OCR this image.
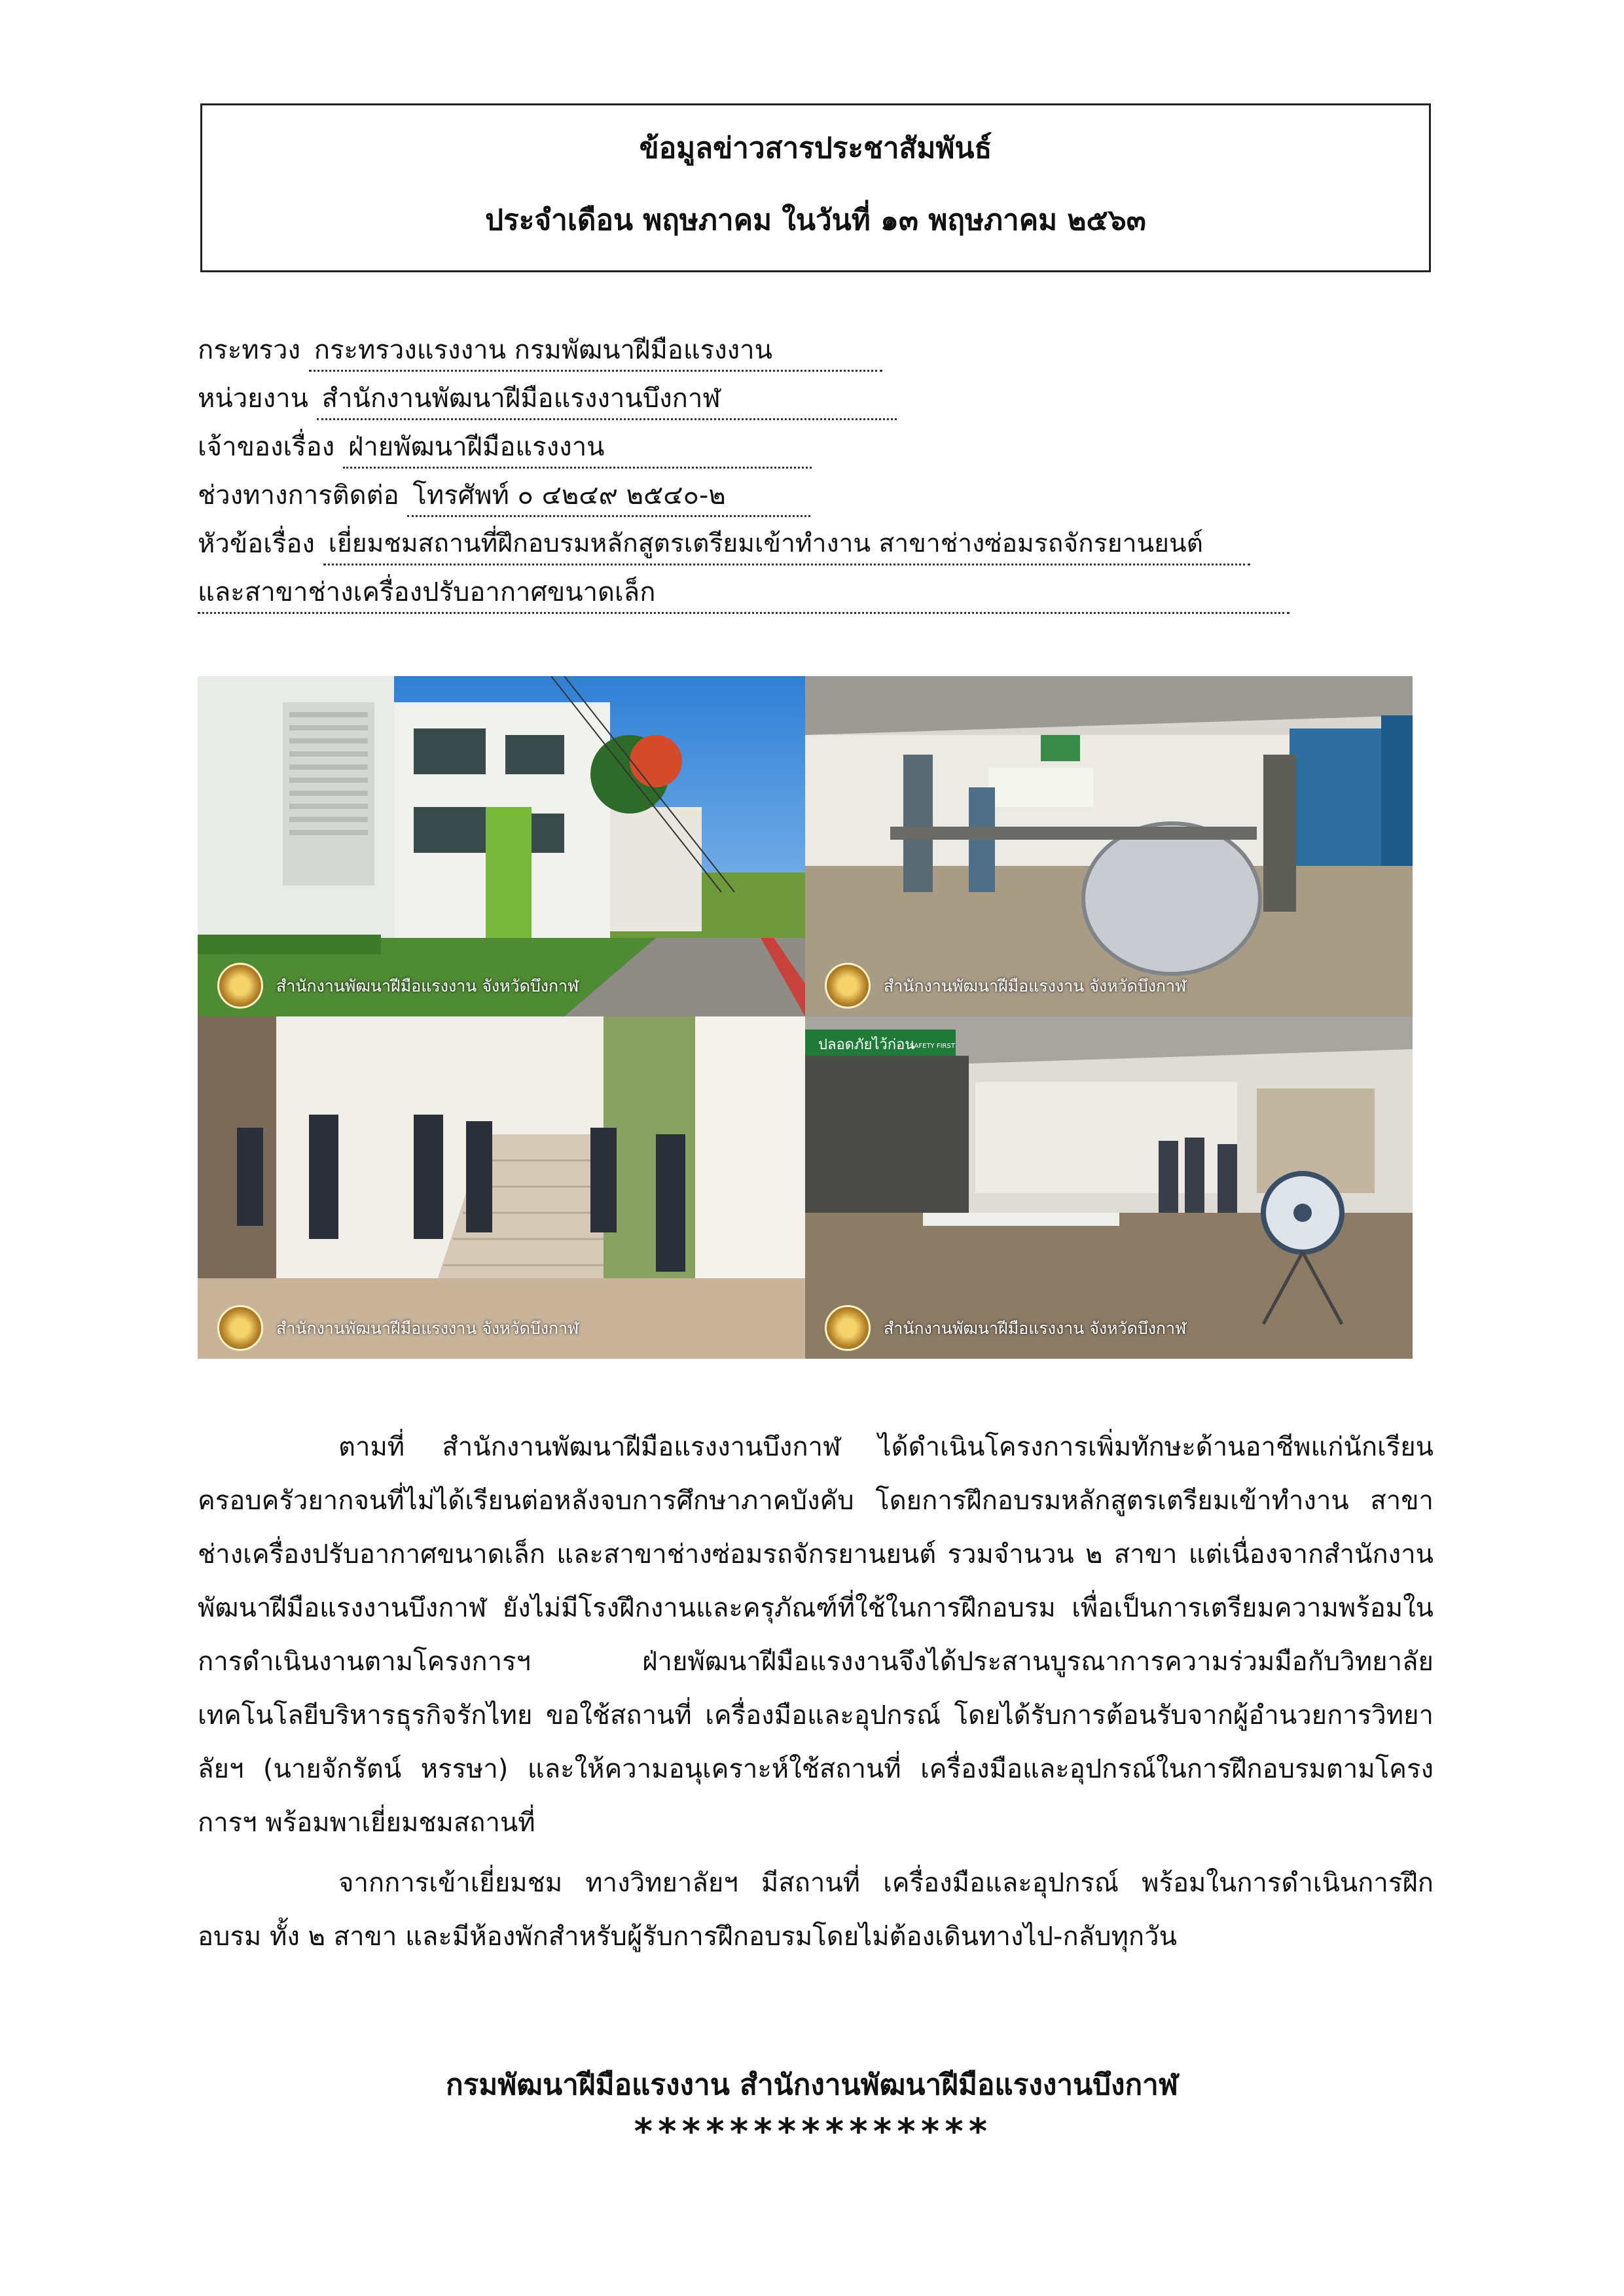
ข้อมูลข่าวสารประชาสัมพันธ์
ประจำเดือน พฤษภาคม ในวันที่ ๑๓ พฤษภาคม ๒๕๖๓
กระทรวง กระทรวงแรงงาน กรมพัฒนาฝีมือแรงงาน
หน่วยงาน สำนักงานพัฒนาฝีมือแรงงานบึงกาฬ
เจ้าของเรื่อง ฝ่ายพัฒนาฝีมือแรงงาน
ช่วงทางการติดต่อ โทรศัพท์ ๐ ๔๒๔๙ ๒๕๔๐-๒
หัวข้อเรื่อง เยี่ยมชมสถานที่ฝึกอบรมหลักสูตรเตรียมเข้าทำงาน สาขาช่างซ่อมรถจักรยานยนต์
และสาขาช่างเครื่องปรับอากาศขนาดเล็ก
สำนักงานพัฒนาฝีมือแรงงาน จังหวัดบึงกาฬ	สำนักงานพัฒนาฝีมือแรงงาน จังหวัดบึงกาฬ
สำนักงานพัฒนาฝีมือแรงงาน จังหวัดบึงกาฬ
ปลอดภัยไว้ก่อน
SAFETY FIRST
สำนักงานพัฒนาฝีมือแรงงาน จังหวัดบึงกาฬ

ตามที่ สำนักงานพัฒนาฝีมือแรงงานบึงกาฬ ได้ดำเนินโครงการเพิ่มทักษะด้านอาชีพแก่นักเรียนครอบครัวยากจนที่ไม่ได้เรียนต่อหลังจบการศึกษาภาคบังคับ โดยการฝึกอบรมหลักสูตรเตรียมเข้าทำงาน สาขาช่างเครื่องปรับอากาศขนาดเล็ก และสาขาช่างซ่อมรถจักรยานยนต์ รวมจำนวน ๒ สาขา แต่เนื่องจากสำนักงานพัฒนาฝีมือแรงงานบึงกาฬ ยังไม่มีโรงฝึกงานและครุภัณฑ์ที่ใช้ในการฝึกอบรม เพื่อเป็นการเตรียมความพร้อมในการดำเนินงานตามโครงการฯ ฝ่ายพัฒนาฝีมือแรงงานจึงได้ประสานบูรณาการความร่วมมือกับวิทยาลัยเทคโนโลยีบริหารธุรกิจรักไทย ขอใช้สถานที่ เครื่องมือและอุปกรณ์ โดยได้รับการต้อนรับจากผู้อำนวยการวิทยาลัยฯ (นายจักรัตน์ หรรษา) และให้ความอนุเคราะห์ใช้สถานที่ เครื่องมือและอุปกรณ์ในการฝึกอบรมตามโครงการฯ พร้อมพาเยี่ยมชมสถานที่

จากการเข้าเยี่ยมชม ทางวิทยาลัยฯ มีสถานที่ เครื่องมือและอุปกรณ์ พร้อมในการดำเนินการฝึกอบรม ทั้ง ๒ สาขา และมีห้องพักสำหรับผู้รับการฝึกอบรมโดยไม่ต้องเดินทางไป-กลับทุกวัน

กรมพัฒนาฝีมือแรงงาน สำนักงานพัฒนาฝีมือแรงงานบึงกาฬ
***************
